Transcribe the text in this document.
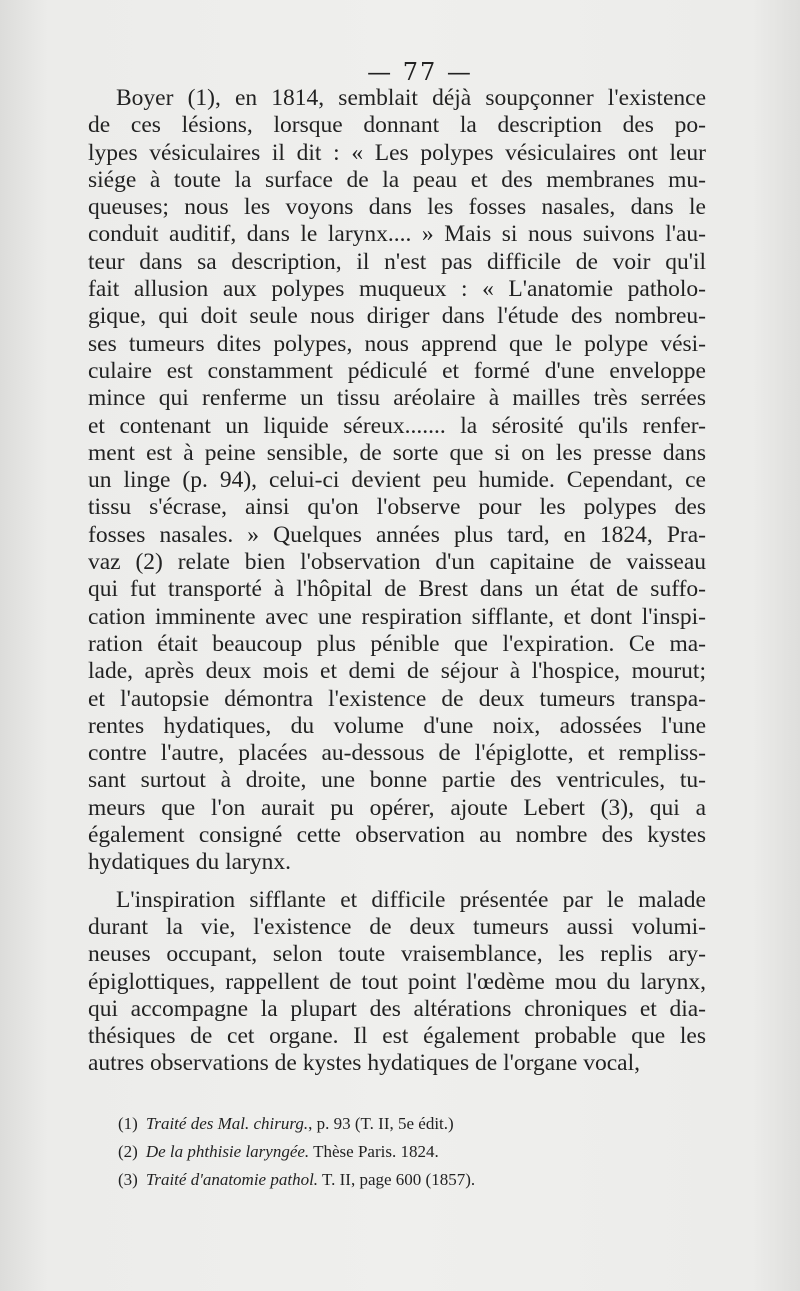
— 77 —
Boyer (1), en 1814, semblait déjà soupçonner l'existence
de ces lésions, lorsque donnant la description des po-
lypes vésiculaires il dit : « Les polypes vésiculaires ont leur
siége à toute la surface de la peau et des membranes mu-
queuses; nous les voyons dans les fosses nasales, dans le
conduit auditif, dans le larynx.... » Mais si nous suivons l'au-
teur dans sa description, il n'est pas difficile de voir qu'il
fait allusion aux polypes muqueux : « L'anatomie patholo-
gique, qui doit seule nous diriger dans l'étude des nombreu-
ses tumeurs dites polypes, nous apprend que le polype vési-
culaire est constamment pédiculé et formé d'une enveloppe
mince qui renferme un tissu aréolaire à mailles très serrées
et contenant un liquide séreux....... la sérosité qu'ils renfer-
ment est à peine sensible, de sorte que si on les presse dans
un linge (p. 94), celui-ci devient peu humide. Cependant, ce
tissu s'écrase, ainsi qu'on l'observe pour les polypes des
fosses nasales. » Quelques années plus tard, en 1824, Pra-
vaz (2) relate bien l'observation d'un capitaine de vaisseau
qui fut transporté à l'hôpital de Brest dans un état de suffo-
cation imminente avec une respiration sifflante, et dont l'inspi-
ration était beaucoup plus pénible que l'expiration. Ce ma-
lade, après deux mois et demi de séjour à l'hospice, mourut;
et l'autopsie démontra l'existence de deux tumeurs transpa-
rentes hydatiques, du volume d'une noix, adossées l'une
contre l'autre, placées au-dessous de l'épiglotte, et rempliss-
sant surtout à droite, une bonne partie des ventricules, tu-
meurs que l'on aurait pu opérer, ajoute Lebert (3), qui a
également consigné cette observation au nombre des kystes
hydatiques du larynx.
L'inspiration sifflante et difficile présentée par le malade
durant la vie, l'existence de deux tumeurs aussi volumi-
neuses occupant, selon toute vraisemblance, les replis ary-
épiglottiques, rappellent de tout point l'œdème mou du larynx,
qui accompagne la plupart des altérations chroniques et dia-
thésiques de cet organe. Il est également probable que les
autres observations de kystes hydatiques de l'organe vocal,
(1) Traité des Mal. chirurg., p. 93 (T. II, 5e édit.)
(2) De la phthisie laryngée. Thèse Paris. 1824.
(3) Traité d'anatomie pathol. T. II, page 600 (1857).
